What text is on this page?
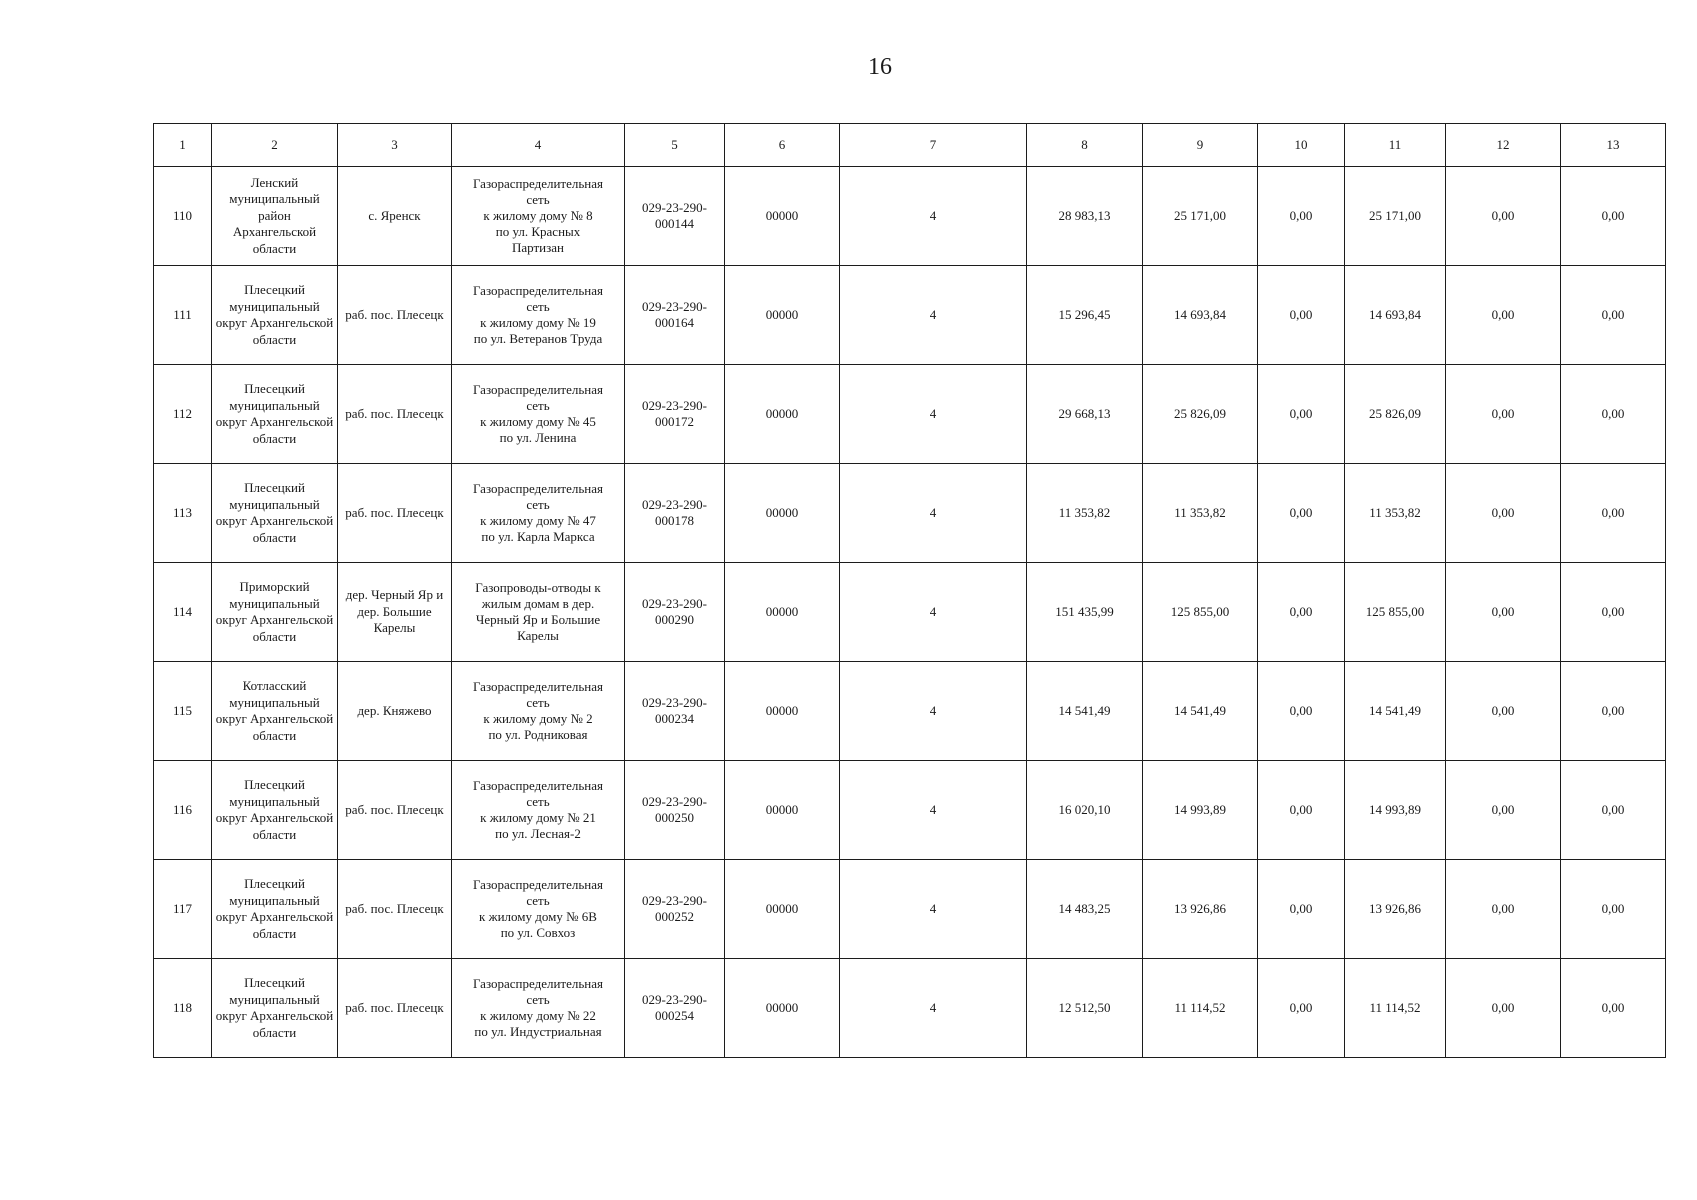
16
1	2	3	4	5	6	7	8	9	10	11	12	13
110	Ленский муниципальный район Архангельской области	с. Яренск	Газораспределительная
сеть
к жилому дому № 8
по ул. Красных
Партизан	029-23-290-
000144	00000	4	28 983,13	25 171,00	0,00	25 171,00	0,00	0,00
111	Плесецкий муниципальный округ Архангельской области	раб. пос. Плесецк	Газораспределительная
сеть
к жилому дому № 19
по ул. Ветеранов Труда	029-23-290-
000164	00000	4	15 296,45	14 693,84	0,00	14 693,84	0,00	0,00
112	Плесецкий муниципальный округ Архангельской области	раб. пос. Плесецк	Газораспределительная
сеть
к жилому дому № 45
по ул. Ленина	029-23-290-
000172	00000	4	29 668,13	25 826,09	0,00	25 826,09	0,00	0,00
113	Плесецкий муниципальный округ Архангельской области	раб. пос. Плесецк	Газораспределительная
сеть
к жилому дому № 47
по ул. Карла Маркса	029-23-290-
000178	00000	4	11 353,82	11 353,82	0,00	11 353,82	0,00	0,00
114	Приморский муниципальный округ Архангельской области	дер. Черный Яр и дер. Большие Карелы	Газопроводы-отводы к
жилым домам в дер.
Черный Яр и Большие
Карелы	029-23-290-
000290	00000	4	151 435,99	125 855,00	0,00	125 855,00	0,00	0,00
115	Котласский муниципальный округ Архангельской области	дер. Княжево	Газораспределительная
сеть
к жилому дому № 2
по ул. Родниковая	029-23-290-
000234	00000	4	14 541,49	14 541,49	0,00	14 541,49	0,00	0,00
116	Плесецкий муниципальный округ Архангельской области	раб. пос. Плесецк	Газораспределительная
сеть
к жилому дому № 21
по ул. Лесная-2	029-23-290-
000250	00000	4	16 020,10	14 993,89	0,00	14 993,89	0,00	0,00
117	Плесецкий муниципальный округ Архангельской области	раб. пос. Плесецк	Газораспределительная
сеть
к жилому дому № 6В
по ул. Совхоз	029-23-290-
000252	00000	4	14 483,25	13 926,86	0,00	13 926,86	0,00	0,00
118	Плесецкий муниципальный округ Архангельской области	раб. пос. Плесецк	Газораспределительная
сеть
к жилому дому № 22
по ул. Индустриальная	029-23-290-
000254	00000	4	12 512,50	11 114,52	0,00	11 114,52	0,00	0,00
